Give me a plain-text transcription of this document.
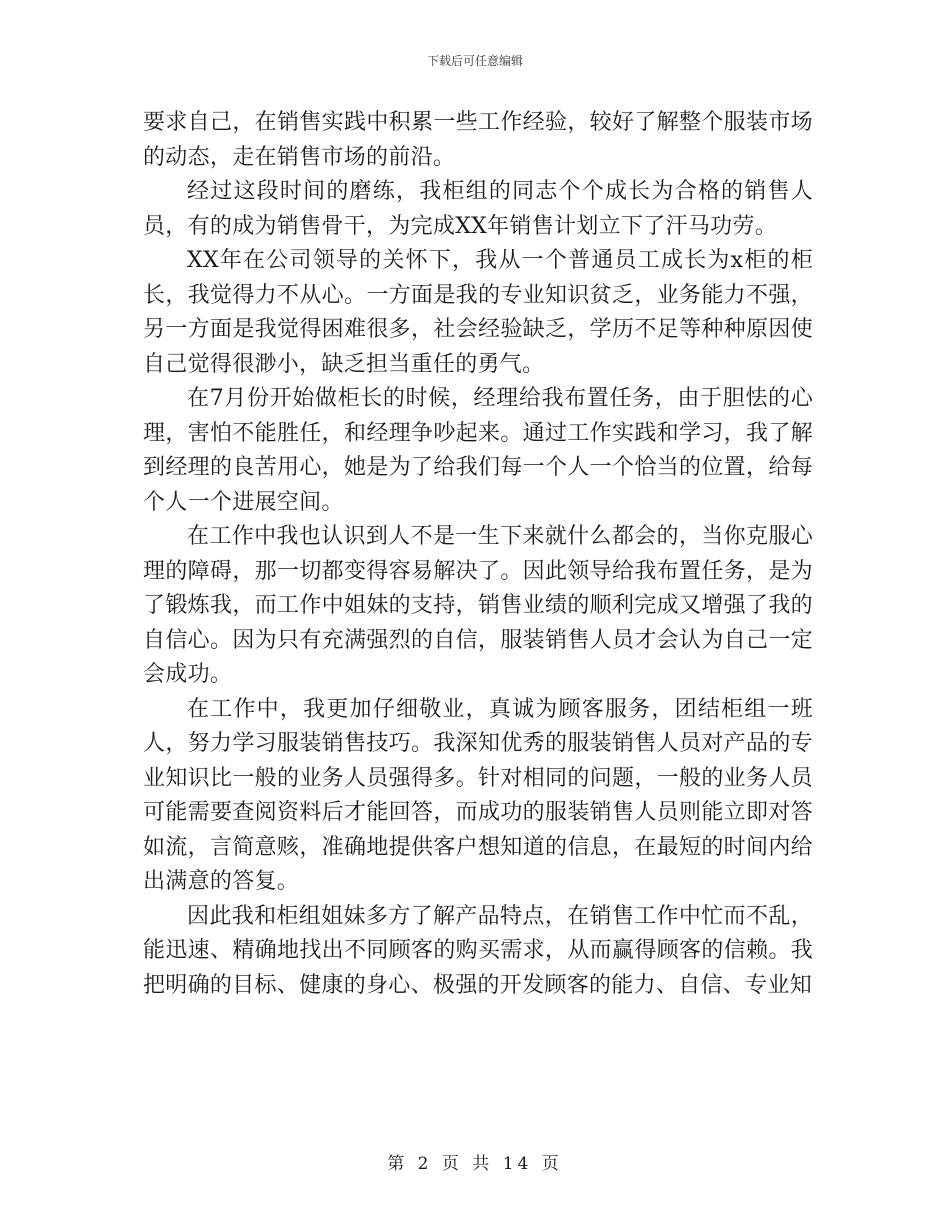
下载后可任意编辑

要求自己，在销售实践中积累一些工作经验，较好了解整个服装市场的动态，走在销售市场的前沿。

经过这段时间的磨练，我柜组的同志个个成长为合格的销售人员，有的成为销售骨干，为完成XX年销售计划立下了汗马功劳。

XX年在公司领导的关怀下，我从一个普通员工成长为x柜的柜长，我觉得力不从心。一方面是我的专业知识贫乏，业务能力不强，另一方面是我觉得困难很多，社会经验缺乏，学历不足等种种原因使自己觉得很渺小，缺乏担当重任的勇气。

在7月份开始做柜长的时候，经理给我布置任务，由于胆怯的心理，害怕不能胜任，和经理争吵起来。通过工作实践和学习，我了解到经理的良苦用心，她是为了给我们每一个人一个恰当的位置，给每个人一个进展空间。

在工作中我也认识到人不是一生下来就什么都会的，当你克服心理的障碍，那一切都变得容易解决了。因此领导给我布置任务，是为了锻炼我，而工作中姐妹的支持，销售业绩的顺利完成又增强了我的自信心。因为只有充满强烈的自信，服装销售人员才会认为自己一定会成功。

在工作中，我更加仔细敬业，真诚为顾客服务，团结柜组一班人，努力学习服装销售技巧。我深知优秀的服装销售人员对产品的专业知识比一般的业务人员强得多。针对相同的问题，一般的业务人员可能需要查阅资料后才能回答，而成功的服装销售人员则能立即对答如流，言简意赅，准确地提供客户想知道的信息，在最短的时间内给出满意的答复。

因此我和柜组姐妹多方了解产品特点，在销售工作中忙而不乱，能迅速、精确地找出不同顾客的购买需求，从而赢得顾客的信赖。我把明确的目标、健康的身心、极强的开发顾客的能力、自信、专业知

第 2 页 共 14 页
